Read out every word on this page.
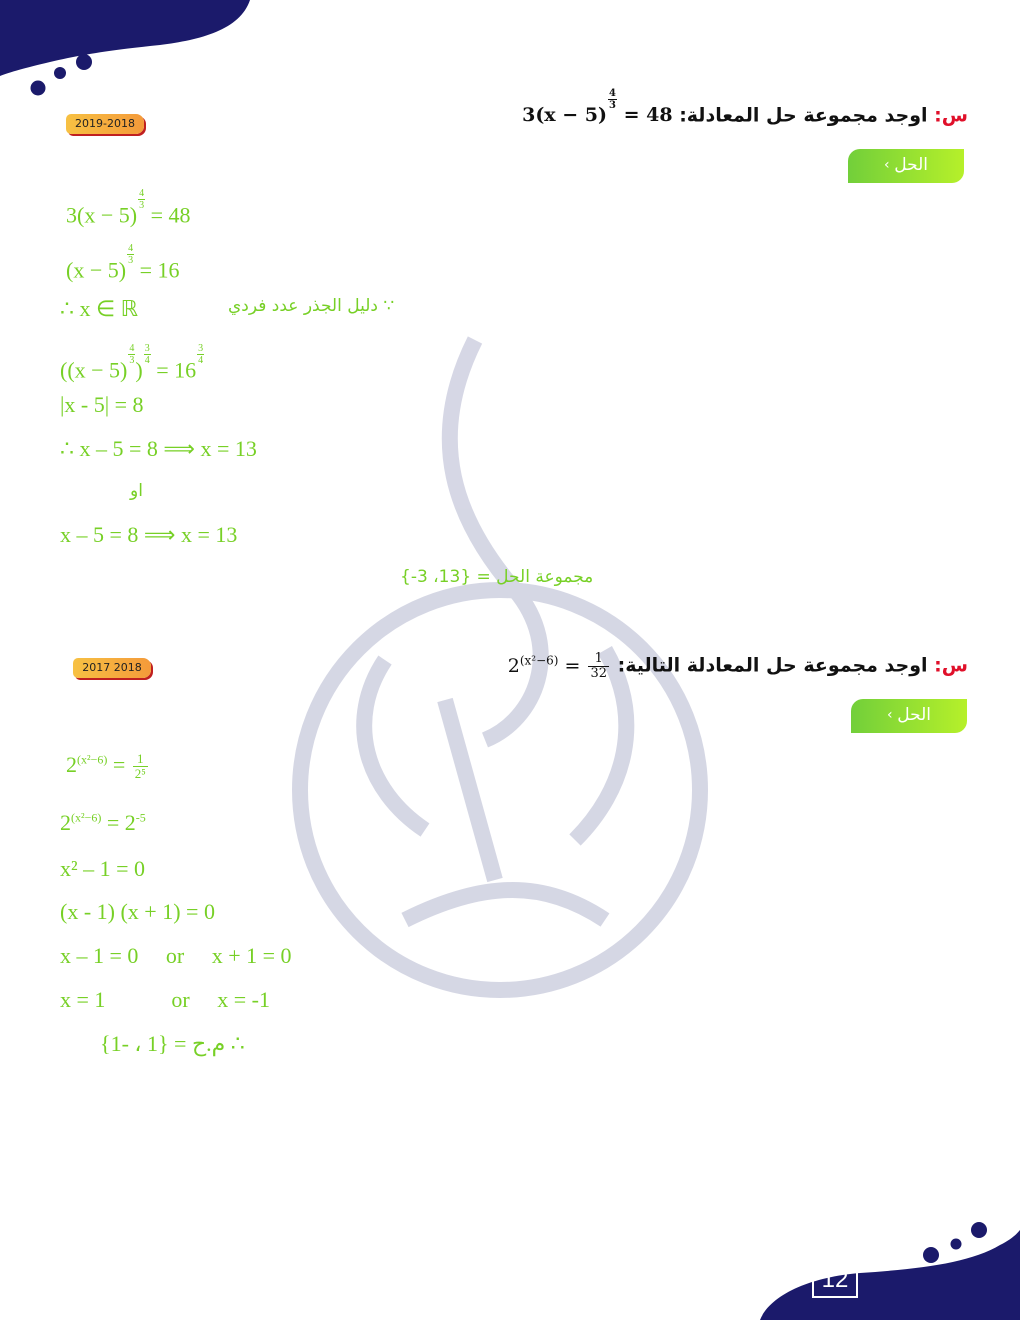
س: اوجد مجموعة حل المعادلة: 3(x − 5)
$\frac{4}{3}$
= 48
2019-2018
الحل
›
3(x − 5)
$\frac{4}{3}$
= 48
(x − 5)
$\frac{4}{3}$
= 16
∴ x ∈ ℝ	∵ دليل الجذر عدد فردي
((x − 5)
$\frac{4}{3}$
)
$\frac{3}{4}$
= 16
$\frac{3}{4}$
|x - 5| = 8
∴ x – 5 = 8 ⟹ x = 13
او
x – 5 = 8 ⟹ x = 13
مجموعة الحل = {13، 3-}
س: اوجد مجموعة حل المعادلة التالية: $2^{(x^2-6)} = \frac{1}{32}$
2017 2018
الحل
›
$2^{(x^2-6)} = \frac{1}{\text{2⁵}}$
$2^{(x^2-6)} = 2^{-5}$
x² – 1 = 0
(x - 1) (x + 1) = 0
x – 1 = 0     or     x + 1 = 0
x = 1            or     x = -1
∴ م.ح = {1 ، -1}
12
